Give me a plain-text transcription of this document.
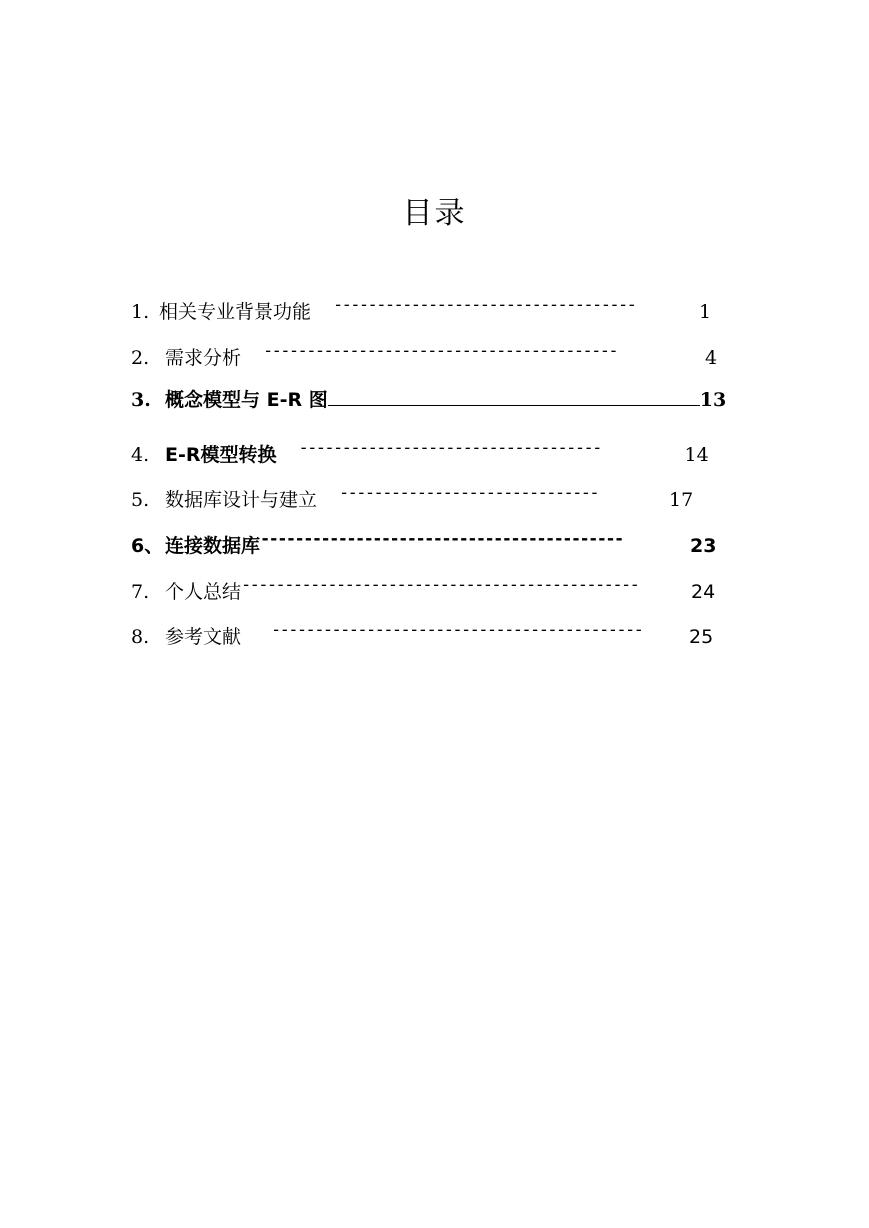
目录
1. 相关专业背景功能 -----------------------------------	1
2. 需求分析 -----------------------------------------	4
3. 概念模型与 E-R 图	13
4. E-R模型转换 -----------------------------------	14
5. 数据库设计与建立 ------------------------------	17
6、连接数据库------------------------------------------	23
7. 个人总结----------------------------------------------	24
8. 参考文献 ------------------------------------------- 25
